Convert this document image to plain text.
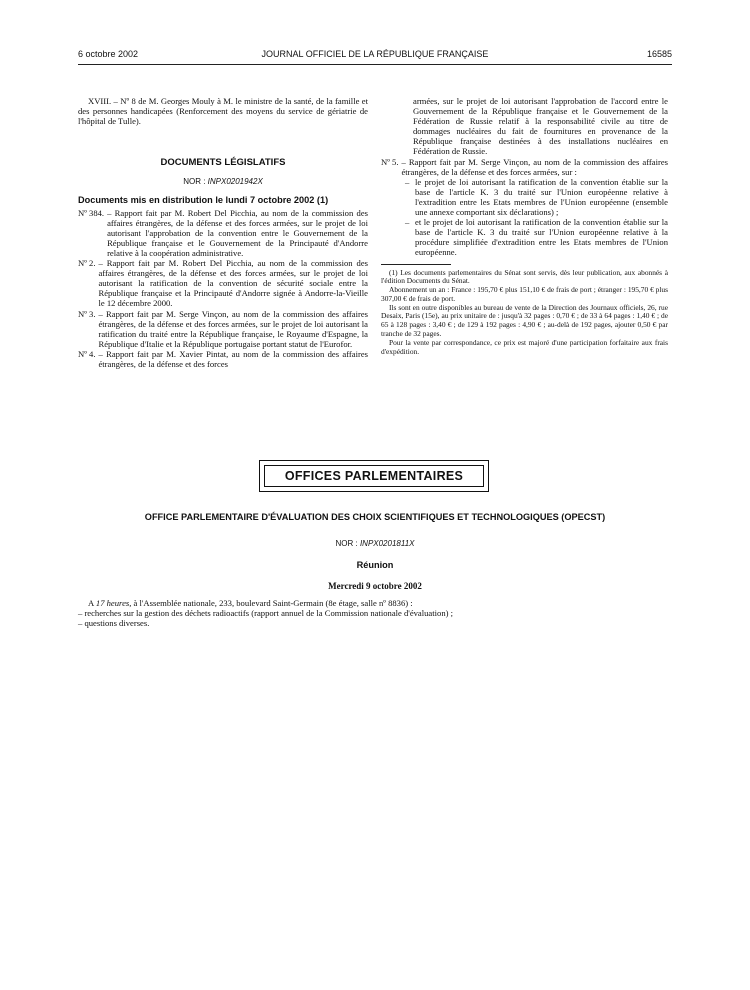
6 octobre 2002	JOURNAL OFFICIEL DE LA RÉPUBLIQUE FRANÇAISE	16585

XVIII. – Nº 8 de M. Georges Mouly à M. le ministre de la santé, de la famille et des personnes handicapées (Renforcement des moyens du service de gériatrie de l'hôpital de Tulle).

DOCUMENTS LÉGISLATIFS

NOR : INPX0201942X

Documents mis en distribution le lundi 7 octobre 2002 (1)

Nº 384. – Rapport fait par M. Robert Del Picchia, au nom de la commission des affaires étrangères, de la défense et des forces armées, sur le projet de loi autorisant l'approbation de la convention entre le Gouvernement de la République française et le Gouvernement de la Principauté d'Andorre relative à la coopération administrative.
Nº 2. – Rapport fait par M. Robert Del Picchia, au nom de la commission des affaires étrangères, de la défense et des forces armées, sur le projet de loi autorisant la ratification de la convention de sécurité sociale entre la République française et la Principauté d'Andorre signée à Andorre-la-Vieille le 12 décembre 2000.
Nº 3. – Rapport fait par M. Serge Vinçon, au nom de la commission des affaires étrangères, de la défense et des forces armées, sur le projet de loi autorisant la ratification du traité entre la République française, le Royaume d'Espagne, la République d'Italie et la République portugaise portant statut de l'Eurofor.
Nº 4. – Rapport fait par M. Xavier Pintat, au nom de la commission des affaires étrangères, de la défense et des forces

armées, sur le projet de loi autorisant l'approbation de l'accord entre le Gouvernement de la République française et le Gouvernement de la Fédération de Russie relatif à la responsabilité civile au titre de dommages nucléaires du fait de fournitures en provenance de la République française destinées à des installations nucléaires en Fédération de Russie.

Nº 5. – Rapport fait par M. Serge Vinçon, au nom de la commission des affaires étrangères, de la défense et des forces armées, sur :
– le projet de loi autorisant la ratification de la convention établie sur la base de l'article K. 3 du traité sur l'Union européenne relative à l'extradition entre les Etats membres de l'Union européenne (ensemble une annexe comportant six déclarations) ;
– et le projet de loi autorisant la ratification de la convention établie sur la base de l'article K. 3 du traité sur l'Union européenne relative à la procédure simplifiée d'extradition entre les Etats membres de l'Union européenne.

(1) Les documents parlementaires du Sénat sont servis, dès leur publication, aux abonnés à l'édition Documents du Sénat.

Abonnement un an : France : 195,70 € plus 151,10 € de frais de port ; étranger : 195,70 € plus 307,00 € de frais de port.

Ils sont en outre disponibles au bureau de vente de la Direction des Journaux officiels, 26, rue Desaix, Paris (15e), au prix unitaire de : jusqu'à 32 pages : 0,70 € ; de 33 à 64 pages : 1,40 € ; de 65 à 128 pages : 3,40 € ; de 129 à 192 pages : 4,90 € ; au-delà de 192 pages, ajouter 0,50 € par tranche de 32 pages.

Pour la vente par correspondance, ce prix est majoré d'une participation forfaitaire aux frais d'expédition.

OFFICES PARLEMENTAIRES
OFFICE PARLEMENTAIRE D'ÉVALUATION DES CHOIX SCIENTIFIQUES ET TECHNOLOGIQUES (OPECST)
NOR : INPX0201811X
Réunion
Mercredi 9 octobre 2002

A 17 heures, à l'Assemblée nationale, 233, boulevard Saint-Germain (8e étage, salle nº 8836) :

– recherches sur la gestion des déchets radioactifs (rapport annuel de la Commission nationale d'évaluation) ;

– questions diverses.
